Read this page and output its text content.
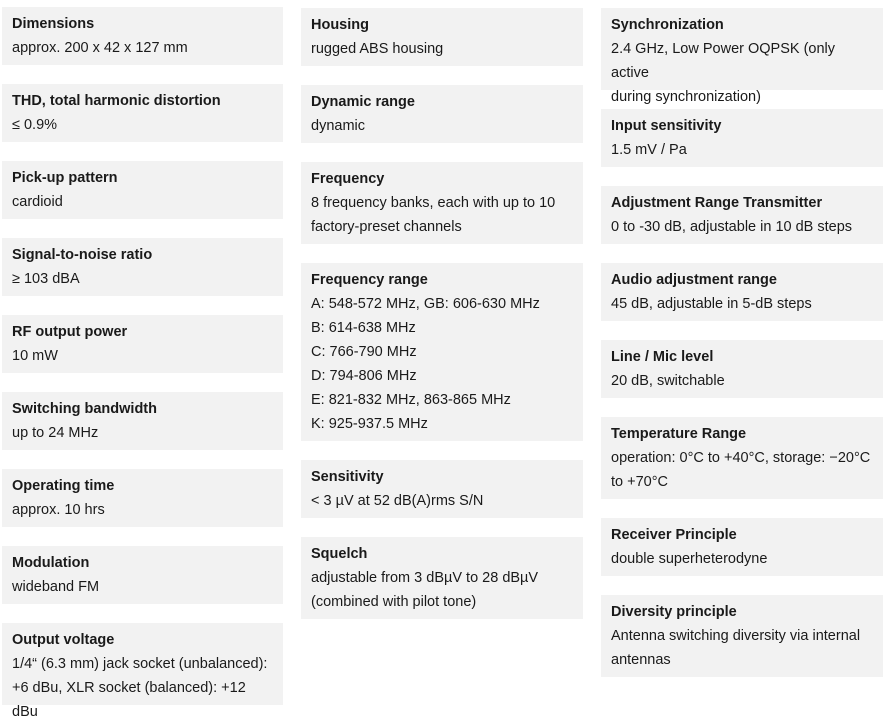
Dimensions
approx. 200 x 42 x 127 mm
THD, total harmonic distortion
≤ 0.9%
Pick-up pattern
cardioid
Signal-to-noise ratio
≥ 103 dBA
RF output power
10 mW
Switching bandwidth
up to 24 MHz
Operating time
approx. 10 hrs
Modulation
wideband FM
Output voltage
1/4“ (6.3 mm) jack socket (unbalanced):
+6 dBu, XLR socket (balanced): +12 dBu
Housing
rugged ABS housing
Dynamic range
dynamic
Frequency
8 frequency banks, each with up to 10
factory-preset channels
Frequency range
A: 548-572 MHz, GB: 606-630 MHz
B: 614-638 MHz
C: 766-790 MHz
D: 794-806 MHz
E: 821-832 MHz, 863-865 MHz
K: 925-937.5 MHz
Sensitivity
< 3 µV at 52 dB(A)rms S/N
Squelch
adjustable from 3 dBµV to 28 dBµV
(combined with pilot tone)
Synchronization
2.4 GHz, Low Power OQPSK (only active
during synchronization)
Input sensitivity
1.5 mV / Pa
Adjustment Range Transmitter
0 to -30 dB, adjustable in 10 dB steps
Audio adjustment range
45 dB, adjustable in 5-dB steps
Line / Mic level
20 dB, switchable
Temperature Range
operation: 0°C to +40°C, storage: −20°C
to +70°C
Receiver Principle
double superheterodyne
Diversity principle
Antenna switching diversity via internal
antennas
